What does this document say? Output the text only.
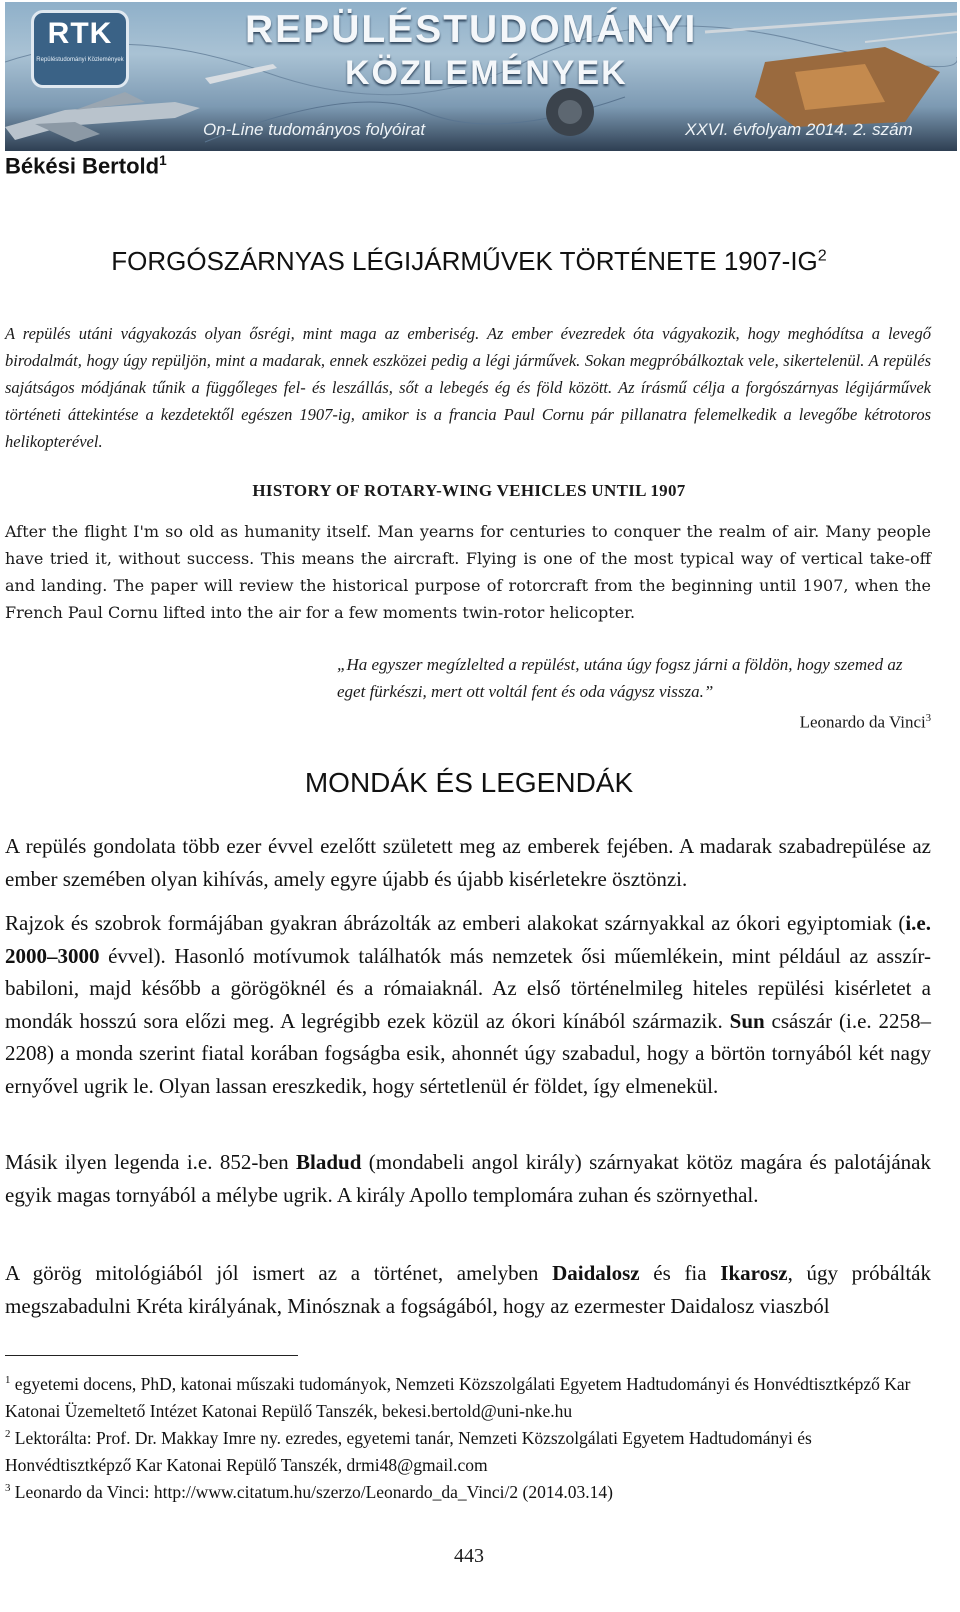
RTK
Repüléstudományi Közlemények
REPÜLÉSTUDOMÁNYI
KÖZLEMÉNYEK
On-Line tudományos folyóirat	XXVI. évfolyam 2014. 2. szám
Békési Bertold$^1$
FORGÓSZÁRNYAS LÉGIJÁRMŰVEK TÖRTÉNETE $1907-IG^2$

A repülés utáni vágyakozás olyan ősrégi, mint maga az emberiség. Az ember évezredek óta vágyakozik, hogy meghódítsa a levegő birodalmát, hogy úgy repüljön, mint a madarak, ennek eszközei pedig a légi járművek. Sokan megpróbálkoztak vele, sikertelenül. A repülés sajátságos módjának tűnik a függőleges fel- és leszállás, sőt a lebegés ég és föld között. Az írásmű célja a forgószárnyas légijárművek történeti áttekintése a kezdetektől egészen 1907-ig, amikor is a francia Paul Cornu pár pillanatra felemelkedik a levegőbe kétrotoros helikopterével.

HISTORY OF ROTARY-WING VEHICLES UNTIL 1907

After the flight I'm so old as humanity itself. Man yearns for centuries to conquer the realm of air. Many people have tried it, without success. This means the aircraft. Flying is one of the most typical way of vertical take-off and landing. The paper will review the historical purpose of rotorcraft from the beginning until 1907, when the French Paul Cornu lifted into the air for a few moments twin-rotor helicopter.

„Ha egyszer megízlelted a repülést, utána úgy fogsz járni a földön, hogy szemed az eget fürkészi, mert ott voltál fent és oda vágysz vissza.”

Leonardo da Vinci$^3$
MONDÁK ÉS LEGENDÁK

A repülés gondolata több ezer évvel ezelőtt született meg az emberek fejében. A madarak szabadrepülése az ember szemében olyan kihívás, amely egyre újabb és újabb kisérletekre ösztönzi.

Rajzok és szobrok formájában gyakran ábrázolták az emberi alakokat szárnyakkal az ókori egyiptomiak (i.e. 2000–3000 évvel). Hasonló motívumok találhatók más nemzetek ősi műemlékein, mint például az asszír-babiloni, majd később a görögöknél és a rómaiaknál. Az első történelmileg hiteles repülési kisérletet a mondák hosszú sora előzi meg. A legrégibb ezek közül az ókori kínából származik. Sun császár (i.e. 2258–2208) a monda szerint fiatal korában fogságba esik, ahonnét úgy szabadul, hogy a börtön tornyából két nagy ernyővel ugrik le. Olyan lassan ereszkedik, hogy sértetlenül ér földet, így elmenekül.

Másik ilyen legenda i.e. 852-ben Bladud (mondabeli angol király) szárnyakat kötöz magára és palotájának egyik magas tornyából a mélybe ugrik. A király Apollo templomára zuhan és szörnyethal.

A görög mitológiából jól ismert az a történet, amelyben Daidalosz és fia Ikarosz, úgy próbálták megszabadulni Kréta királyának, Minósznak a fogságából, hogy az ezermester Daidalosz viaszból

$^1$ egyetemi docens, PhD, katonai műszaki tudományok, Nemzeti Közszolgálati Egyetem Hadtudományi és Honvédtisztképző Kar Katonai Üzemeltető Intézet Katonai Repülő Tanszék, bekesi.bertold@uni-nke.hu

$^2$ Lektorálta: Prof. Dr. Makkay Imre ny. ezredes, egyetemi tanár, Nemzeti Közszolgálati Egyetem Hadtudományi és Honvédtisztképző Kar Katonai Repülő Tanszék, drmi48@gmail.com

$^3$ Leonardo da Vinci: http://www.citatum.hu/szerzo/Leonardo_da_Vinci/2 (2014.03.14)

443
